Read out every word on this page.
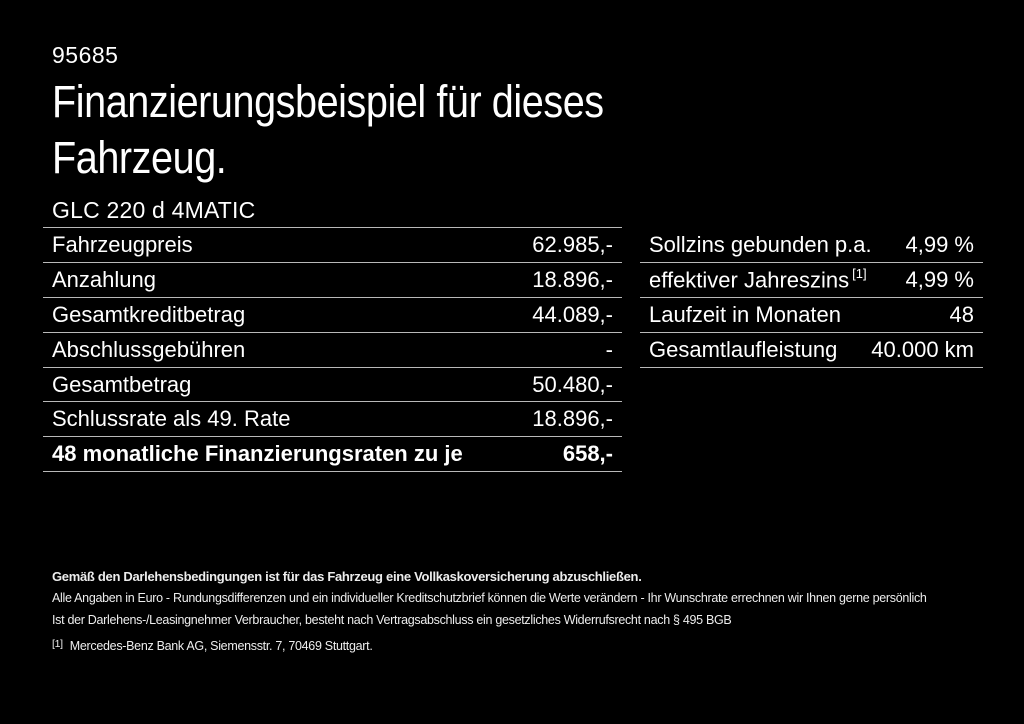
95685
Finanzierungsbeispiel für dieses
Fahrzeug.
GLC 220 d 4MATIC
Fahrzeugpreis	62.985,-
Anzahlung	18.896,-
Gesamtkreditbetrag	44.089,-
Abschlussgebühren	-
Gesamtbetrag	50.480,-
Schlussrate als 49. Rate	18.896,-
48 monatliche Finanzierungsraten zu je	658,-
Sollzins gebunden p.a. 4,99 %
effektiver Jahreszins [1] 4,99 %
Laufzeit in Monaten	48
Gesamtlaufleistung 40.000 km
Gemäß den Darlehensbedingungen ist für das Fahrzeug eine Vollkaskoversicherung abzuschließen.
Alle Angaben in Euro - Rundungsdifferenzen und ein individueller Kreditschutzbrief können die Werte verändern - Ihr Wunschrate errechnen wir Ihnen gerne persönlich
Ist der Darlehens-/Leasingnehmer Verbraucher, besteht nach Vertragsabschluss ein gesetzliches Widerrufsrecht nach § 495 BGB
[1] Mercedes-Benz Bank AG, Siemensstr. 7, 70469 Stuttgart.
